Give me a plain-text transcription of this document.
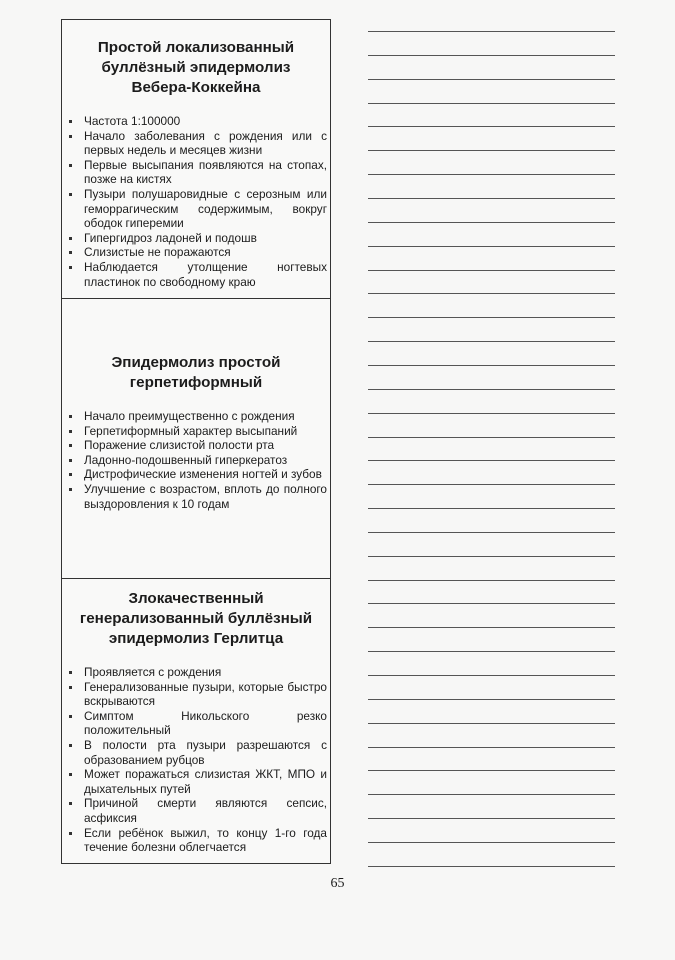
Простой локализованный
буллёзный эпидермолиз
Вебера-Коккейна
Частота 1:100000
Начало заболевания с рождения или с первых недель и месяцев жизни
Первые высыпания появляются на стопах, позже на кистях
Пузыри полушаровидные с серозным или геморрагическим содержимым, вокруг ободок гиперемии
Гипергидроз ладоней и подошв
Слизистые не поражаются
Наблюдается утолщение ногтевых пластинок по свободному краю
Эпидермолиз простой
герпетиформный
Начало преимущественно с рождения
Герпетиформный характер высыпаний
Поражение слизистой полости рта
Ладонно-подошвенный гиперкератоз
Дистрофические изменения ногтей и зубов
Улучшение с возрастом, вплоть до полного выздоровления к 10 годам
Злокачественный
генерализованный буллёзный
эпидермолиз Герлитца
Проявляется с рождения
Генерализованные пузыри, которые быстро вскрываются
Симптом Никольского резко положительный
В полости рта пузыри разрешаются с образованием рубцов
Может поражаться слизистая ЖКТ, МПО и дыхательных путей
Причиной смерти являются сепсис, асфиксия
Если ребёнок выжил, то концу 1-го года течение болезни облегчается
65
